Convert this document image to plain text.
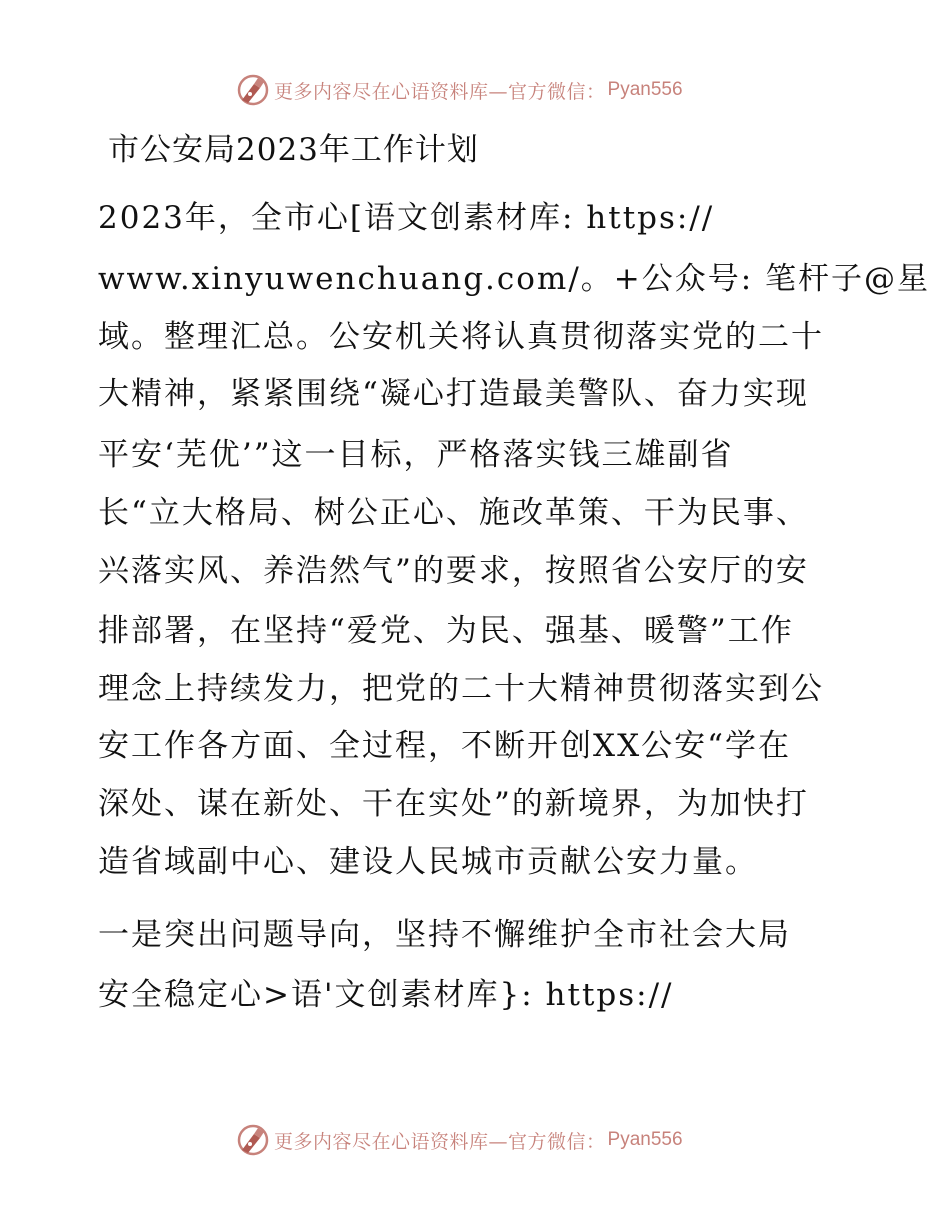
更多内容尽在心语资料库—官方微信： Pyan556
市公安局2023年工作计划
2023年，全市心[语文创素材库: https://
www.xinyuwenchuang.com/。+公众号: 笔杆子@星
域。整理汇总。公安机关将认真贯彻落实党的二十
大精神，紧紧围绕“凝心打造最美警队、奋力实现
平安‘芜优’”这一目标，严格落实钱三雄副省
长“立大格局、树公正心、施改革策、干为民事、
兴落实风、养浩然气”的要求，按照省公安厅的安
排部署，在坚持“爱党、为民、强基、暖警”工作
理念上持续发力，把党的二十大精神贯彻落实到公
安工作各方面、全过程，不断开创XX公安“学在
深处、谋在新处、干在实处”的新境界，为加快打
造省域副中心、建设人民城市贡献公安力量。
一是突出问题导向，坚持不懈维护全市社会大局
安全稳定心>语'文创素材库}: https://
更多内容尽在心语资料库—官方微信： Pyan556
